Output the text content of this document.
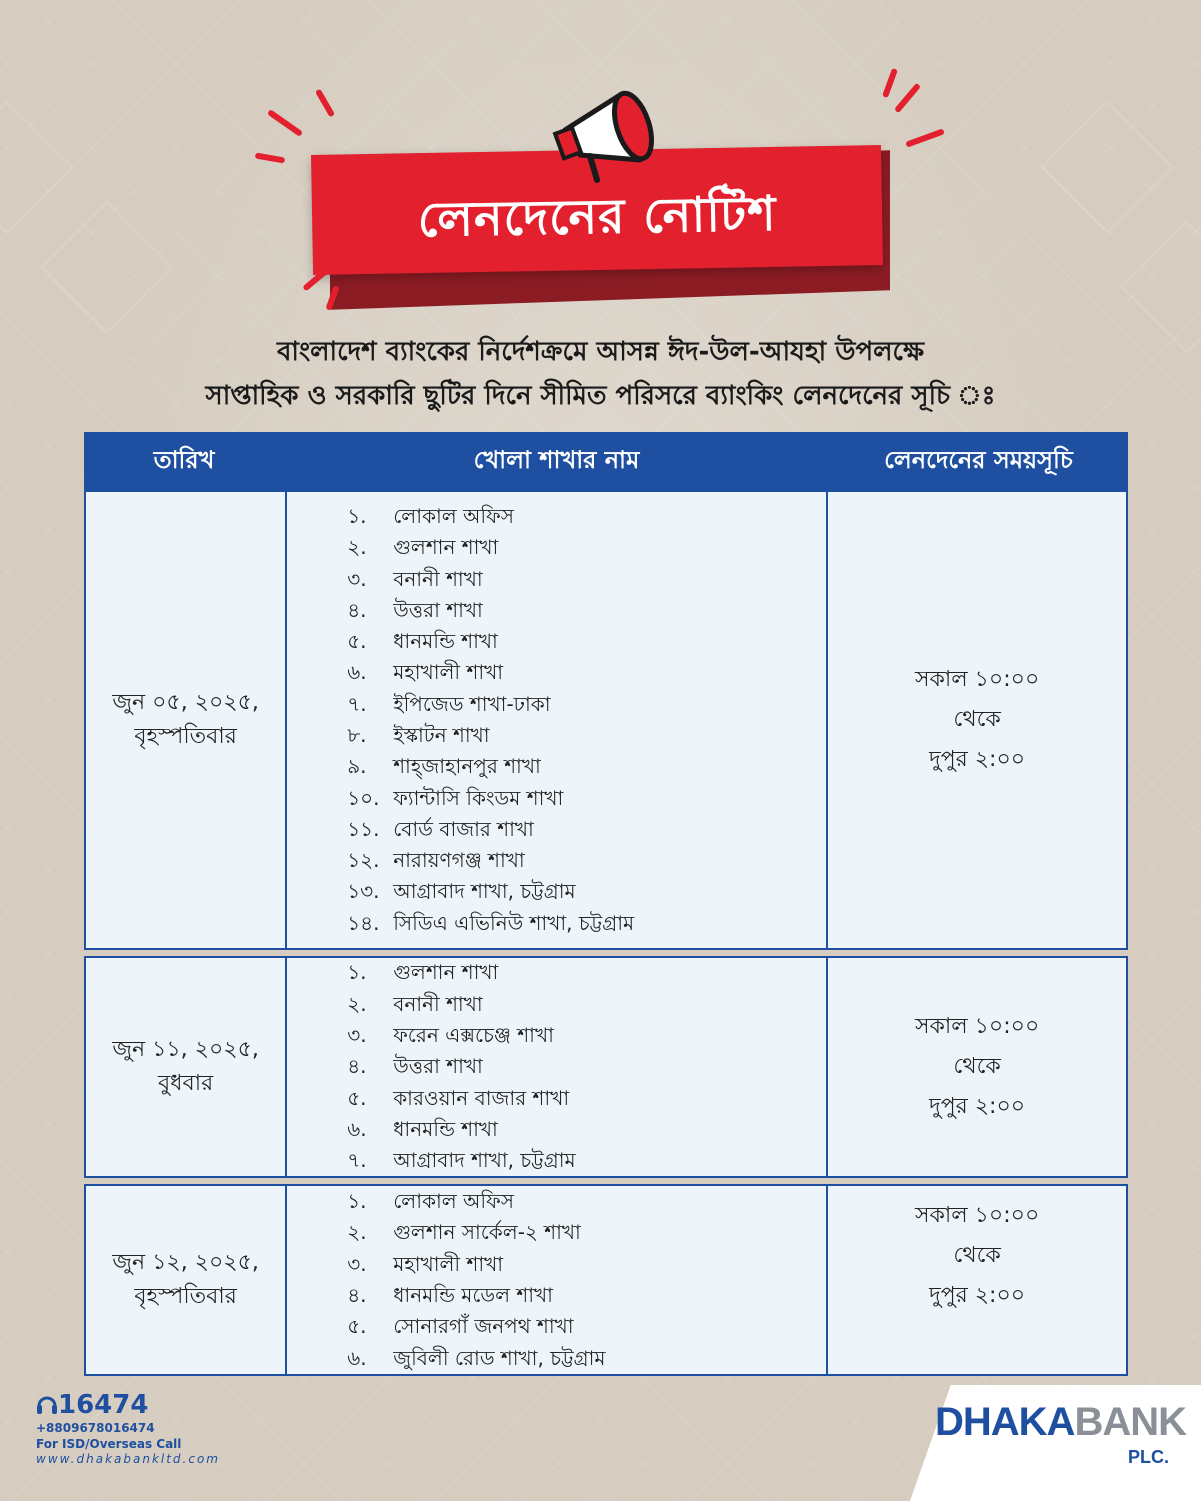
লেনদেনের নোটিশ
বাংলাদেশ ব্যাংকের নির্দেশক্রমে আসন্ন ঈদ-উল-আযহা উপলক্ষে
সাপ্তাহিক ও সরকারি ছুটির দিনে সীমিত পরিসরে ব্যাংকিং লেনদেনের সূচি ঃ
তারিখ	খোলা শাখার নাম	লেনদেনের সময়সূচি
জুন ০৫, ২০২৫,
বৃহস্পতিবার
১. লোকাল অফিস
২. গুলশান শাখা
৩. বনানী শাখা
৪. উত্তরা শাখা
৫. ধানমন্ডি শাখা
৬. মহাখালী শাখা
৭. ইপিজেড শাখা-ঢাকা
৮. ইস্কাটন শাখা
৯. শাহ্জাহানপুর শাখা
১০. ফ্যান্টাসি কিংডম শাখা
১১. বোর্ড বাজার শাখা
১২. নারায়ণগঞ্জ শাখা
১৩. আগ্রাবাদ শাখা, চট্টগ্রাম
১৪. সিডিএ এভিনিউ শাখা, চট্টগ্রাম
সকাল ১০:০০
থেকে
দুপুর ২:০০
জুন ১১, ২০২৫,
বুধবার
১. গুলশান শাখা
২. বনানী শাখা
৩. ফরেন এক্সচেঞ্জ শাখা
৪. উত্তরা শাখা
৫. কারওয়ান বাজার শাখা
৬. ধানমন্ডি শাখা
৭. আগ্রাবাদ শাখা, চট্টগ্রাম
সকাল ১০:০০
থেকে
দুপুর ২:০০
জুন ১২, ২০২৫,
বৃহস্পতিবার
১. লোকাল অফিস
২. গুলশান সার্কেল-২ শাখা
৩. মহাখালী শাখা
৪. ধানমন্ডি মডেল শাখা
৫. সোনারগাঁ জনপথ শাখা
৬. জুবিলী রোড শাখা, চট্টগ্রাম
সকাল ১০:০০
থেকে
দুপুর ২:০০
16474
+8809678016474
For ISD/Overseas Call
www.dhakabankltd.com
DHAKABANK
PLC.
